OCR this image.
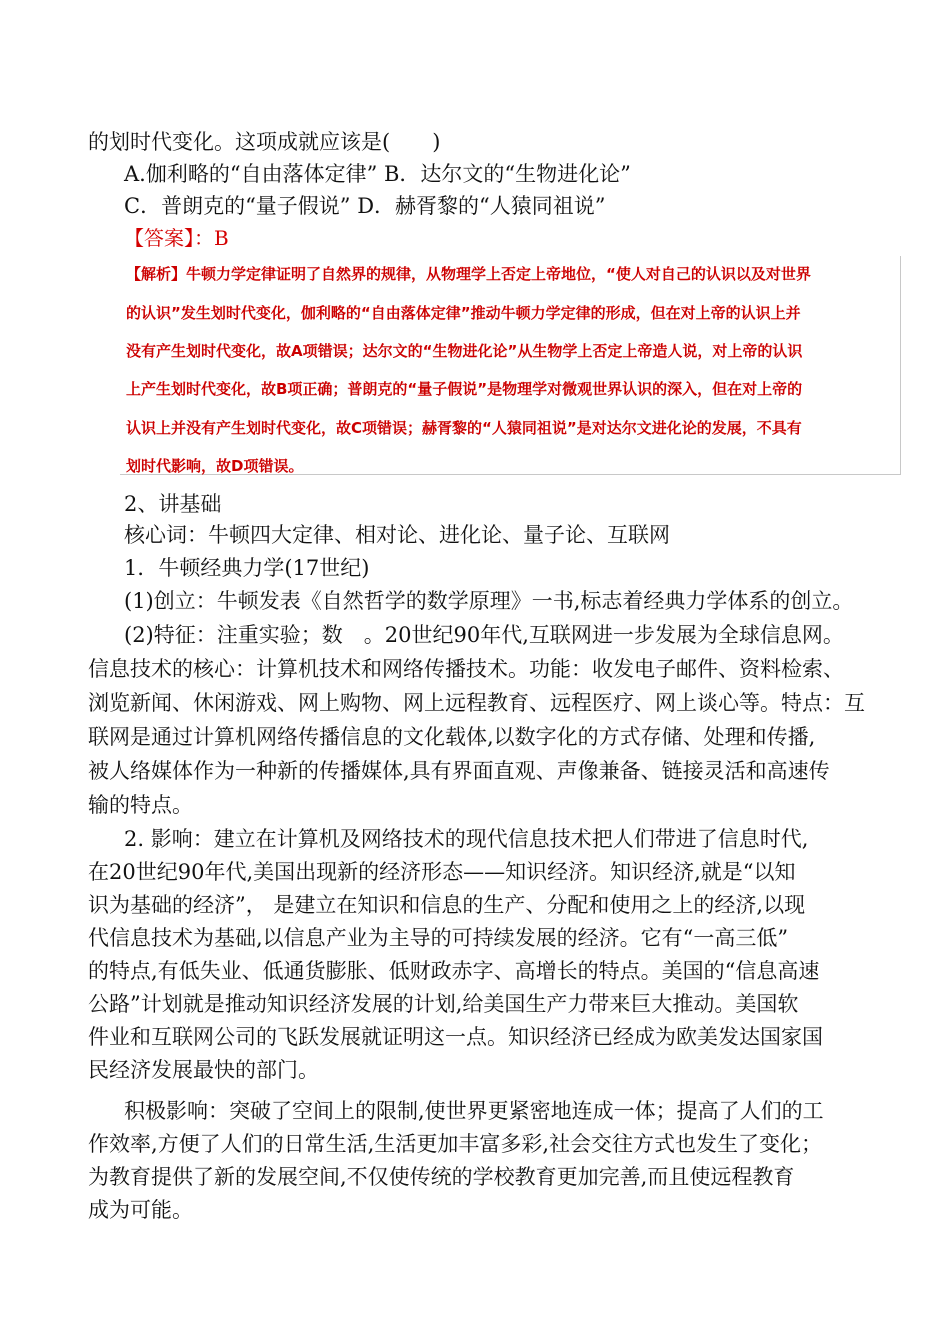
的划时代变化。这项成就应该是(　　)
A.伽利略的“自由落体定律” B．达尔文的“生物进化论”
C．普朗克的“量子假说” D．赫胥黎的“人猿同祖说”
【答案】：B
【解析】牛顿力学定律证明了自然界的规律，从物理学上否定上帝地位，“使人对自己的认识以及对世界
的认识”发生划时代变化，伽利略的“自由落体定律”推动牛顿力学定律的形成，但在对上帝的认识上并
没有产生划时代变化，故A项错误；达尔文的“生物进化论”从生物学上否定上帝造人说，对上帝的认识
上产生划时代变化，故B项正确；普朗克的“量子假说”是物理学对微观世界认识的深入，但在对上帝的
认识上并没有产生划时代变化，故C项错误；赫胥黎的“人猿同祖说”是对达尔文进化论的发展，不具有
划时代影响，故D项错误。
2、讲基础
核心词：牛顿四大定律、相对论、进化论、量子论、互联网
1．牛顿经典力学(17世纪)
(1)创立：牛顿发表《自然哲学的数学原理》一书,标志着经典力学体系的创立。
(2)特征：注重实验；数　。20世纪90年代,互联网进一步发展为全球信息网。
信息技术的核心：计算机技术和网络传播技术。功能：收发电子邮件、资料检索、
浏览新闻、休闲游戏、网上购物、网上远程教育、远程医疗、网上谈心等。特点：互
联网是通过计算机网络传播信息的文化载体,以数字化的方式存储、处理和传播,
被人络媒体作为一种新的传播媒体,具有界面直观、声像兼备、链接灵活和高速传
输的特点。
2. 影响：建立在计算机及网络技术的现代信息技术把人们带进了信息时代,
在20世纪90年代,美国出现新的经济形态——知识经济。知识经济,就是“以知
识为基础的经济”， 是建立在知识和信息的生产、分配和使用之上的经济,以现
代信息技术为基础,以信息产业为主导的可持续发展的经济。它有“一高三低”
的特点,有低失业、低通货膨胀、低财政赤字、高增长的特点。美国的“信息高速
公路”计划就是推动知识经济发展的计划,给美国生产力带来巨大推动。美国软
件业和互联网公司的飞跃发展就证明这一点。知识经济已经成为欧美发达国家国
民经济发展最快的部门。
积极影响：突破了空间上的限制,使世界更紧密地连成一体；提高了人们的工
作效率,方便了人们的日常生活,生活更加丰富多彩,社会交往方式也发生了变化；
为教育提供了新的发展空间,不仅使传统的学校教育更加完善,而且使远程教育
成为可能。
